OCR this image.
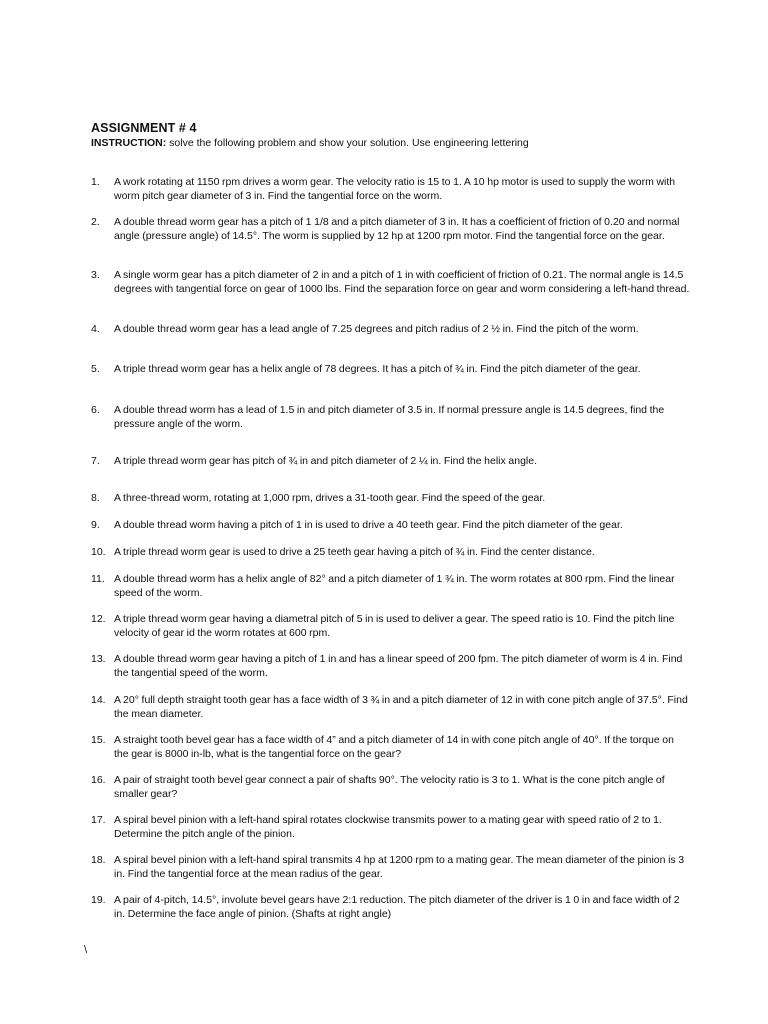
ASSIGNMENT # 4
INSTRUCTION: solve the following problem and show your solution. Use engineering lettering
1. A work rotating at 1150 rpm drives a worm gear. The velocity ratio is 15 to 1. A 10 hp motor is used to supply the worm with worm pitch gear diameter of 3 in. Find the tangential force on the worm.
2. A double thread worm gear has a pitch of 1 1/8 and a pitch diameter of 3 in. It has a coefficient of friction of 0.20 and normal angle (pressure angle) of 14.5°. The worm is supplied by 12 hp at 1200 rpm motor. Find the tangential force on the gear.
3. A single worm gear has a pitch diameter of 2 in and a pitch of 1 in with coefficient of friction of 0.21. The normal angle is 14.5 degrees with tangential force on gear of 1000 lbs. Find the separation force on gear and worm considering a left-hand thread.
4. A double thread worm gear has a lead angle of 7.25 degrees and pitch radius of 2 ½ in. Find the pitch of the worm.
5. A triple thread worm gear has a helix angle of 78 degrees. It has a pitch of ¾ in. Find the pitch diameter of the gear.
6. A double thread worm has a lead of 1.5 in and pitch diameter of 3.5 in. If normal pressure angle is 14.5 degrees, find the pressure angle of the worm.
7. A triple thread worm gear has pitch of ¾ in and pitch diameter of 2 ¼ in. Find the helix angle.
8. A three-thread worm, rotating at 1,000 rpm, drives a 31-tooth gear. Find the speed of the gear.
9. A double thread worm having a pitch of 1 in is used to drive a 40 teeth gear. Find the pitch diameter of the gear.
10. A triple thread worm gear is used to drive a 25 teeth gear having a pitch of ¾ in. Find the center distance.
11. A double thread worm has a helix angle of 82° and a pitch diameter of 1 ¾ in. The worm rotates at 800 rpm. Find the linear speed of the worm.
12. A triple thread worm gear having a diametral pitch of 5 in is used to deliver a gear. The speed ratio is 10. Find the pitch line velocity of gear id the worm rotates at 600 rpm.
13. A double thread worm gear having a pitch of 1 in and has a linear speed of 200 fpm. The pitch diameter of worm is 4 in. Find the tangential speed of the worm.
14. A 20° full depth straight tooth gear has a face width of 3 ¾ in and a pitch diameter of 12 in with cone pitch angle of 37.5°. Find the mean diameter.
15. A straight tooth bevel gear has a face width of 4” and a pitch diameter of 14 in with cone pitch angle of 40°. If the torque on the gear is 8000 in-lb, what is the tangential force on the gear?
16. A pair of straight tooth bevel gear connect a pair of shafts 90°. The velocity ratio is 3 to 1. What is the cone pitch angle of smaller gear?
17. A spiral bevel pinion with a left-hand spiral rotates clockwise transmits power to a mating gear with speed ratio of 2 to 1. Determine the pitch angle of the pinion.
18. A spiral bevel pinion with a left-hand spiral transmits 4 hp at 1200 rpm to a mating gear. The mean diameter of the pinion is 3 in. Find the tangential force at the mean radius of the gear.
19. A pair of 4-pitch, 14.5°, involute bevel gears have 2:1 reduction. The pitch diameter of the driver is 1 0 in and face width of 2 in. Determine the face angle of pinion. (Shafts at right angle)
\
